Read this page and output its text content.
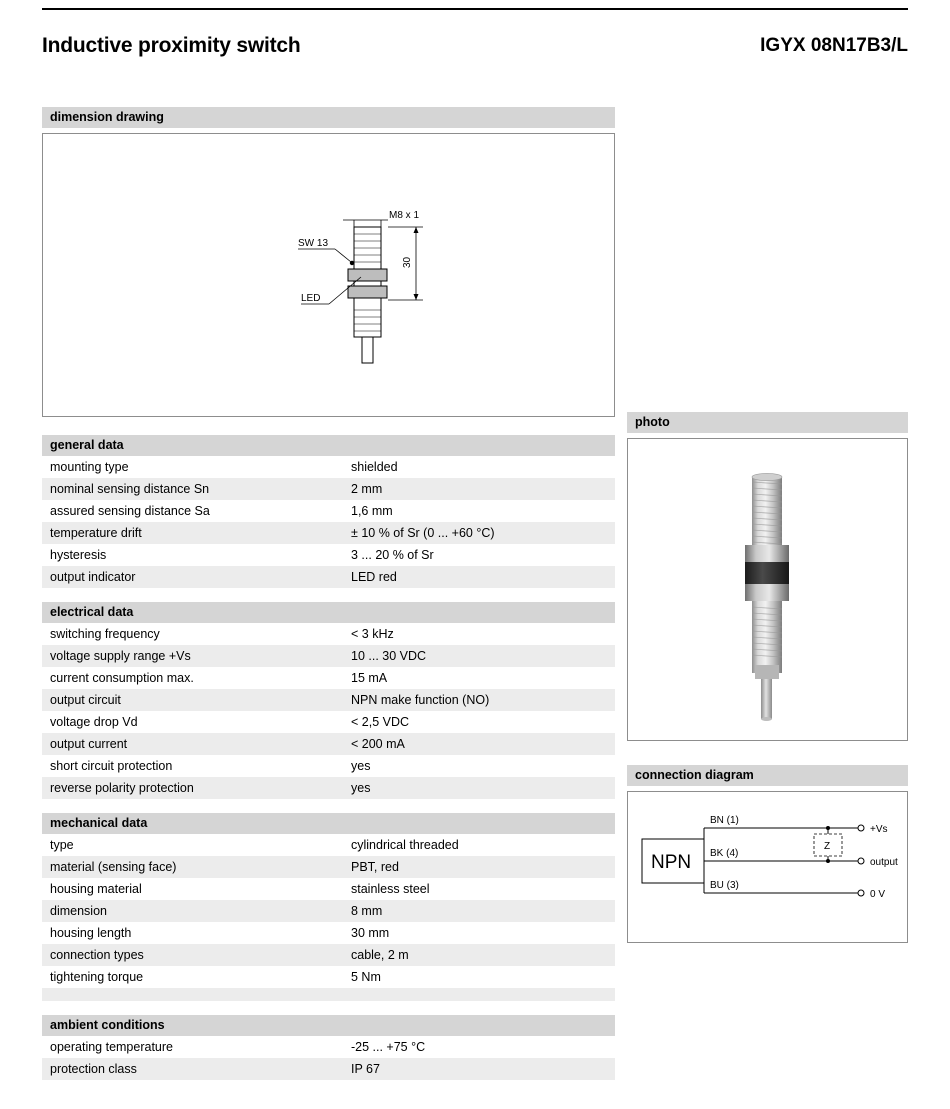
Inductive proximity switch	IGYX 08N17B3/L
dimension drawing
M8 x 1
SW 13
LED
30
general data
mounting type	shielded
nominal sensing distance Sn	2 mm
assured sensing distance Sa	1,6 mm
temperature drift	± 10 % of Sr (0 ... +60 °C)
hysteresis	3 ... 20 % of Sr
output indicator	LED red
electrical data
switching frequency	< 3 kHz
voltage supply range +Vs	10 ... 30 VDC
current consumption max.	15 mA
output circuit	NPN make function (NO)
voltage drop Vd	< 2,5 VDC
output current	< 200 mA
short circuit protection	yes
reverse polarity protection	yes
mechanical data
type	cylindrical threaded
material (sensing face)	PBT, red
housing material	stainless steel
dimension	8 mm
housing length	30 mm
connection types	cable, 2 m
tightening torque	5 Nm

ambient conditions
operating temperature	-25 ... +75 °C
protection class	IP 67
photo
connection diagram
NPN
BN (1)
+Vs
BK (4)
output
BU (3)
0 V
Z
